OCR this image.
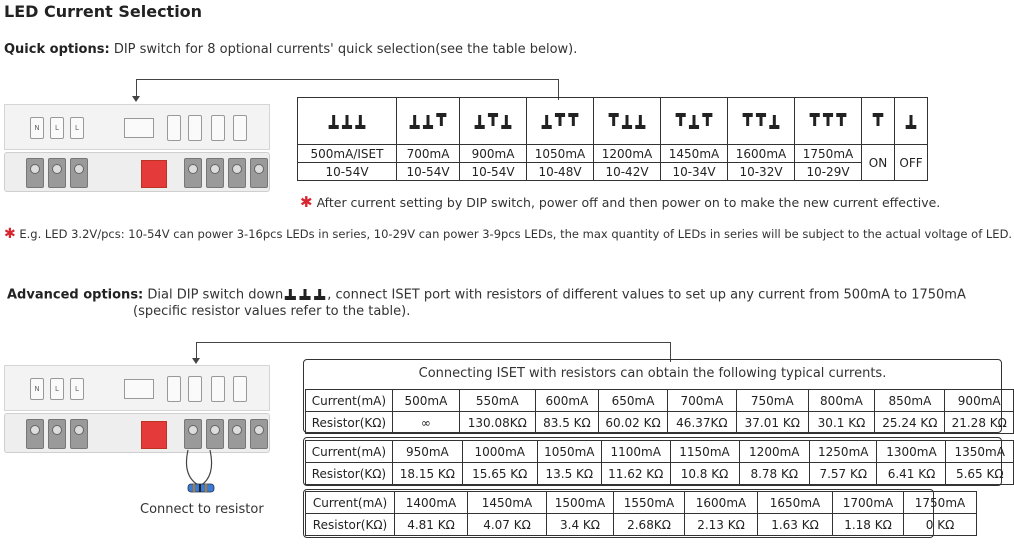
LED Current Selection
Quick options: DIP switch for 8 optional currents' quick selection(see the table below).
N	L	L

500mA/ISET	700mA	900mA	1050mA	1200mA	1450mA	1600mA	1750mA	ON	OFF
10-54V	10-54V	10-54V	10-48V	10-42V	10-34V	10-32V	10-29V		
✱ After current setting by DIP switch, power off and then power on to make the new current effective.
✱ E.g. LED 3.2V/pcs: 10-54V can power 3-16pcs LEDs in series, 10-29V can power 3-9pcs LEDs, the max quantity of LEDs in series will be subject to the actual voltage of LED.
Advanced options: Dial DIP switch down	, connect ISET port with resistors of different values to set up any current from 500mA to 1750mA
(specific resistor values refer to the table).
N	L	L
Connect to resistor
Connecting ISET with resistors can obtain the following typical currents.
Current(mA)	500mA	550mA	600mA	650mA	700mA	750mA	800mA	850mA	900mA
Resistor(KΩ)	∞	130.08KΩ	83.5 KΩ	60.02 KΩ	46.37KΩ	37.01 KΩ	30.1 KΩ	25.24 KΩ	21.28 KΩ
Current(mA)	950mA	1000mA	1050mA	1100mA	1150mA	1200mA	1250mA	1300mA	1350mA
Resistor(KΩ)	18.15 KΩ	15.65 KΩ	13.5 KΩ	11.62 KΩ	10.8 KΩ	8.78 KΩ	7.57 KΩ	6.41 KΩ	5.65 KΩ
Current(mA)	1400mA	1450mA	1500mA	1550mA	1600mA	1650mA	1700mA	1750mA
Resistor(KΩ)	4.81 KΩ	4.07 KΩ	3.4 KΩ	2.68KΩ	2.13 KΩ	1.63 KΩ	1.18 KΩ	0 KΩ
